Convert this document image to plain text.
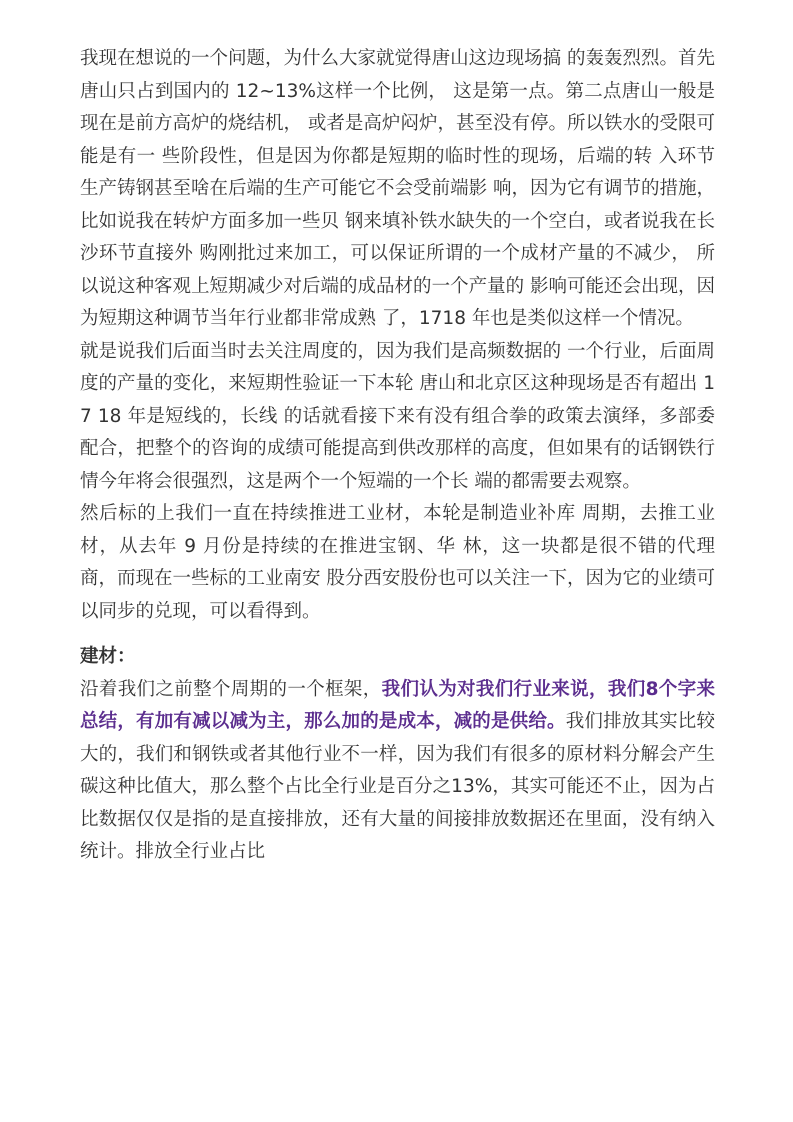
我现在想说的一个问题，为什么大家就觉得唐山这边现场搞 的轰轰烈烈。首先唐山只占到国内的 12~13%这样一个比例， 这是第一点。第二点唐山一般是现在是前方高炉的烧结机， 或者是高炉闷炉，甚至没有停。所以铁水的受限可能是有一 些阶段性，但是因为你都是短期的临时性的现场，后端的转 入环节生产铸钢甚至啥在后端的生产可能它不会受前端影 响，因为它有调节的措施，比如说我在转炉方面多加一些贝 钢来填补铁水缺失的一个空白，或者说我在长沙环节直接外 购刚批过来加工，可以保证所谓的一个成材产量的不减少， 所以说这种客观上短期减少对后端的成品材的一个产量的 影响可能还会出现，因为短期这种调节当年行业都非常成熟 了，1718 年也是类似这样一个情况。

就是说我们后面当时去关注周度的，因为我们是高频数据的 一个行业，后面周度的产量的变化，来短期性验证一下本轮 唐山和北京区这种现场是否有超出 17 18 年是短线的，长线 的话就看接下来有没有组合拳的政策去演绎，多部委配合，把整个的咨询的成绩可能提高到供改那样的高度，但如果有的话钢铁行情今年将会很强烈，这是两个一个短端的一个长 端的都需要去观察。

然后标的上我们一直在持续推进工业材，本轮是制造业补库 周期，去推工业材，从去年 9 月份是持续的在推进宝钢、华 林，这一块都是很不错的代理商，而现在一些标的工业南安 股分西安股份也可以关注一下，因为它的业绩可以同步的兑现，可以看得到。

建材：

沿着我们之前整个周期的一个框架，我们认为对我们行业来说，我们8个字来总结，有加有减以减为主，那么加的是成本，减的是供给。我们排放其实比较大的，我们和钢铁或者其他行业不一样，因为我们有很多的原材料分解会产生碳这种比值大，那么整个占比全行业是百分之13%，其实可能还不止，因为占比数据仅仅是指的是直接排放，还有大量的间接排放数据还在里面，没有纳入统计。排放全行业占比
